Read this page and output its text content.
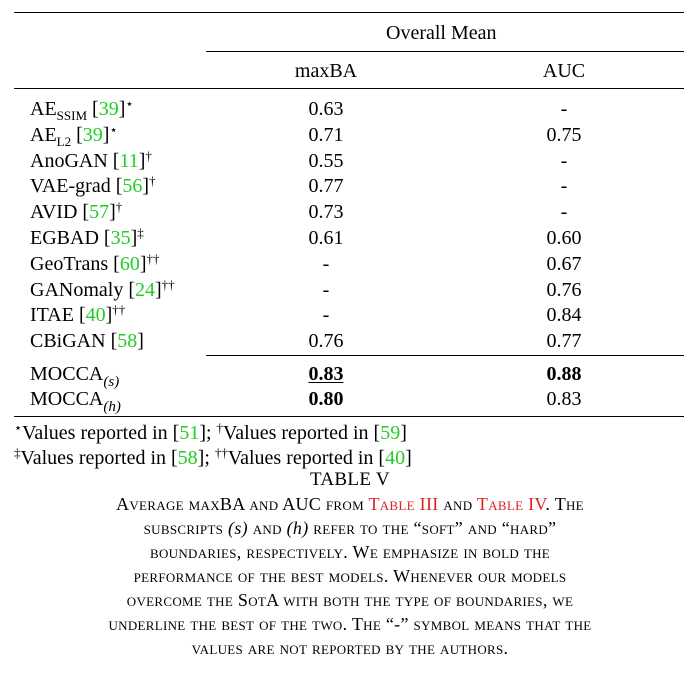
Overall Mean
maxBA	AUC
$AE_{SSIM}$ [39]⋆	0.63	-
$AE_{L2}$ [39]⋆	0.71	0.75
AnoGAN [11]†	0.55	-
VAE-grad [56]†	0.77	-
AVID [57]†	0.73	-
EGBAD [35]‡	0.61	0.60
GeoTrans [60]††	-	0.67
GANomaly [24]††	-	0.76
ITAE [40]††	-	0.84
CBiGAN [58]	0.76	0.77
$MOCCA_{(s)}$	0.83	0.88
$MOCCA_{(h)}$	0.80	0.83
⋆Values reported in [51]; †Values reported in [59]
‡Values reported in [58]; ††Values reported in [40]
TABLE V
Average maxBA and AUC from Table III and Table IV. The
subscripts (s) and (h) refer to the “soft” and “hard”
boundaries, respectively. We emphasize in bold the
performance of the best models. Whenever our models
overcome the SotA with both the type of boundaries, we
underline the best of the two. The “-” symbol means that the
values are not reported by the authors.
